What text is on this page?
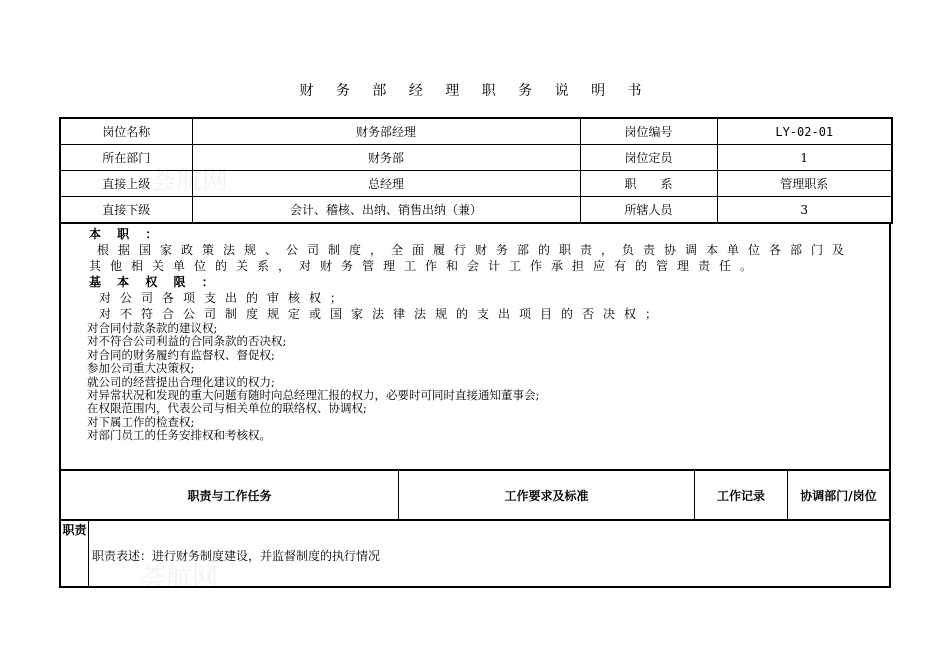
财 务 部 经 理 职 务 说 明 书
荟航网
荟航网
岗位名称	财务部经理	岗位编号	LY-02-01
所在部门	财务部	岗位定员	1
直接上级	总经理	职　　系	管理职系
直接下级	会计、稽核、出纳、销售出纳（兼）	所辖人员	3
本 职 ：
根据国家政策法规、公司制度，全面履行财务部的职责，负责协调本单位各部门及其他相关单位的关系，对财务管理工作和会计工作承担应有的管理责任。
基 本 权 限 ：
对公司各项支出的审核权；
对不符合公司制度规定或国家法律法规的支出项目的否决权；
对合同付款条款的建议权;
对不符合公司利益的合同条款的否决权;
对合同的财务履约有监督权、督促权;
参加公司重大决策权;
就公司的经营提出合理化建议的权力;
对异常状况和发现的重大问题有随时向总经理汇报的权力，必要时可同时直接通知董事会;
在权限范围内，代表公司与相关单位的联络权、协调权;
对下属工作的检查权;
对部门员工的任务安排权和考核权。
职责与工作任务	工作要求及标准	工作记录	协调部门/岗位
职责
职责表述：进行财务制度建设，并监督制度的执行情况
